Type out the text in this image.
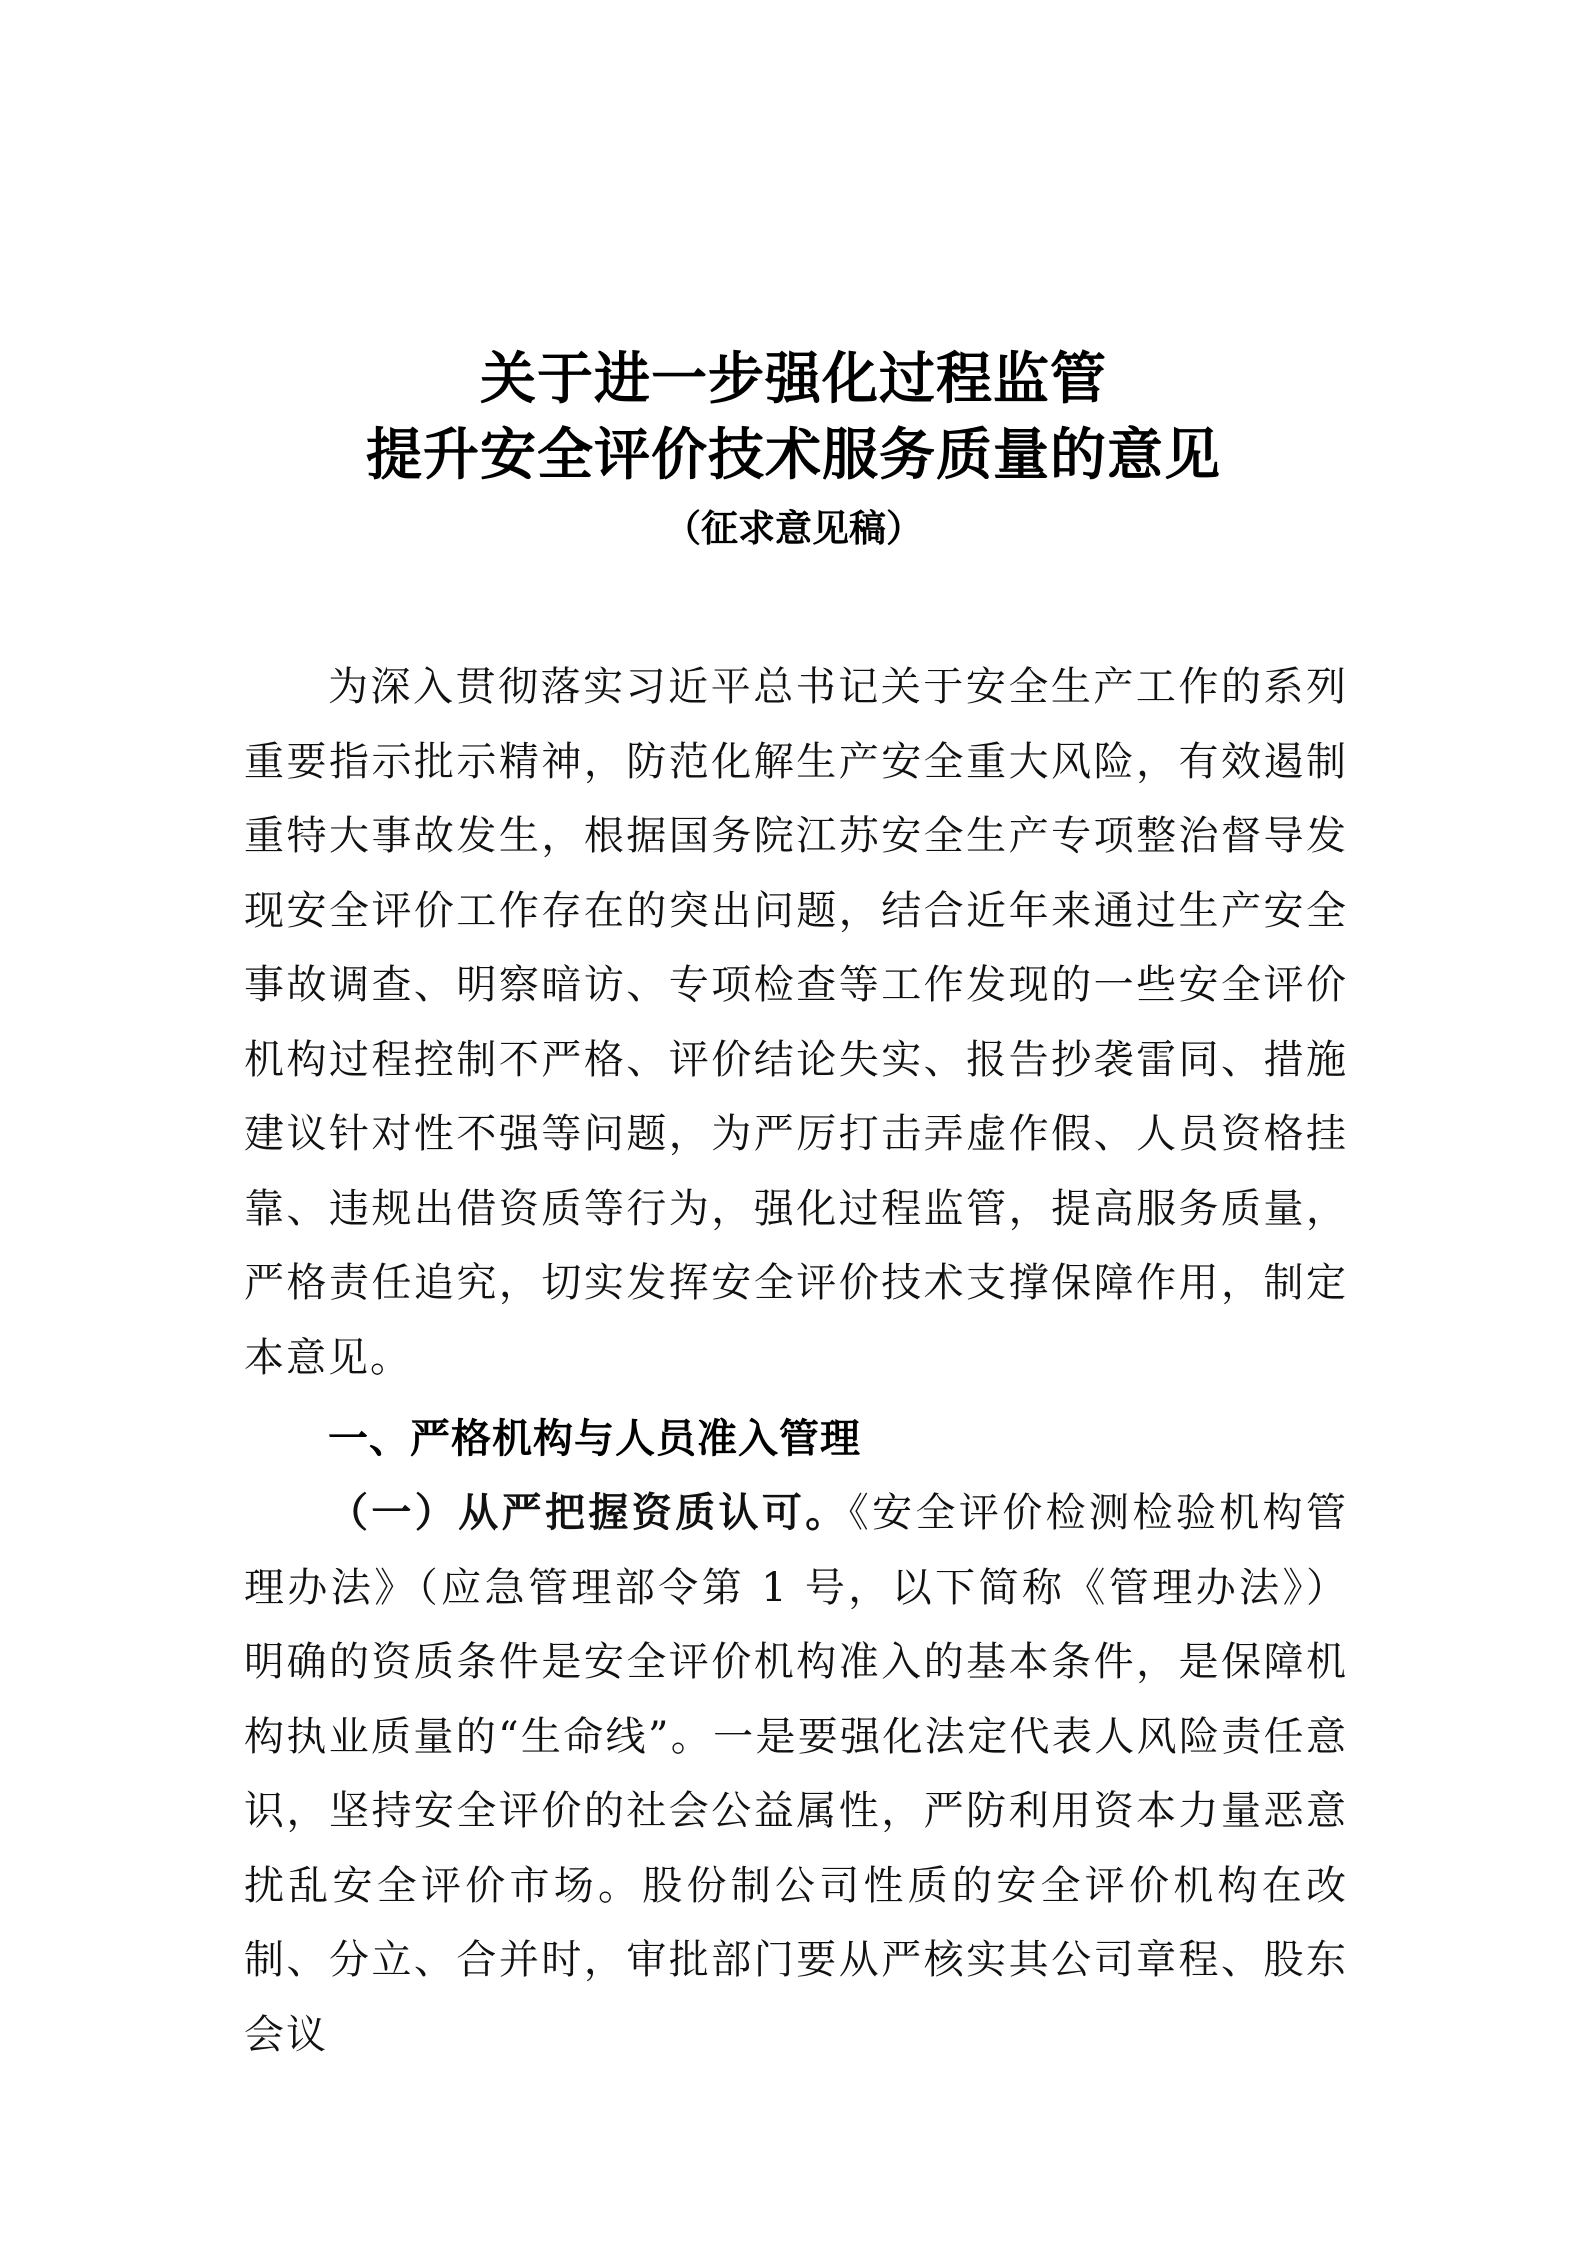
关于进一步强化过程监管
提升安全评价技术服务质量的意见
（征求意见稿）

为深入贯彻落实习近平总书记关于安全生产工作的系列重要指示批示精神，防范化解生产安全重大风险，有效遏制重特大事故发生，根据国务院江苏安全生产专项整治督导发现安全评价工作存在的突出问题，结合近年来通过生产安全事故调查、明察暗访、专项检查等工作发现的一些安全评价机构过程控制不严格、评价结论失实、报告抄袭雷同、措施建议针对性不强等问题，为严厉打击弄虚作假、人员资格挂靠、违规出借资质等行为，强化过程监管，提高服务质量，严格责任追究，切实发挥安全评价技术支撑保障作用，制定本意见。

一、严格机构与人员准入管理

（一）从严把握资质认可。《安全评价检测检验机构管理办法》（应急管理部令第 1 号，以下简称《管理办法》）明确的资质条件是安全评价机构准入的基本条件，是保障机构执业质量的“生命线”。一是要强化法定代表人风险责任意识，坚持安全评价的社会公益属性，严防利用资本力量恶意扰乱安全评价市场。股份制公司性质的安全评价机构在改制、分立、合并时，审批部门要从严核实其公司章程、股东会议
